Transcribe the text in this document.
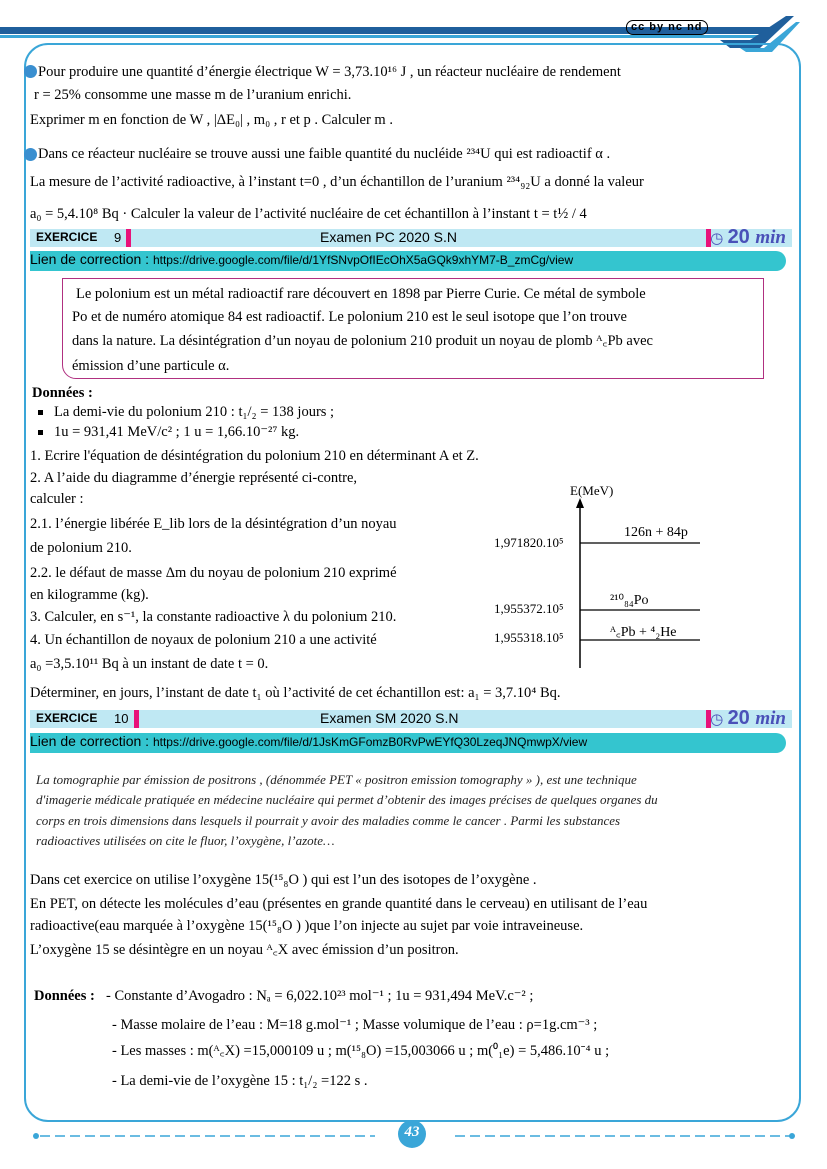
cc by nc nd
Pour produire une quantité d’énergie électrique W = 3,73.10¹⁶ J , un réacteur nucléaire de rendement
r = 25% consomme une masse m de l’uranium enrichi.
Exprimer m en fonction de W , |ΔE₀| , m₀ , r et p . Calculer m .
Dans ce réacteur nucléaire se trouve aussi une faible quantité du nucléide ²³⁴U qui est radioactif α .
La mesure de l’activité radioactive, à l’instant t=0 , d’un échantillon de l’uranium ²³⁴₉₂U a donné la valeur
a₀ = 5,4.10⁸ Bq · Calculer la valeur de l’activité nucléaire de cet échantillon à l’instant t = t½ / 4
EXERCICE 9	Examen PC 2020 S.N	◷ 20 min
Lien de correction : https://drive.google.com/file/d/1YfSNvpOfIEcOhX5aGQk9xhYM7-B_zmCg/view
Le polonium est un métal radioactif rare découvert en 1898 par Pierre Curie. Ce métal de symbole
Po et de numéro atomique 84 est radioactif. Le polonium 210 est le seul isotope que l’on trouve
dans la nature. La désintégration d’un noyau de polonium 210 produit un noyau de plomb ᴬ꜀Pb avec
émission d’une particule α.
Données :
La demi-vie du polonium 210 : t₁/₂ = 138 jours ;
1u = 931,41 MeV/c² ; 1 u = 1,66.10⁻²⁷ kg.
1. Ecrire l'équation de désintégration du polonium 210 en déterminant A et Z.
2. A l’aide du diagramme d’énergie représenté ci-contre,
calculer :
2.1. l’énergie libérée E_lib lors de la désintégration d’un noyau
de polonium 210.
2.2. le défaut de masse Δm du noyau de polonium 210 exprimé
en kilogramme (kg).
3. Calculer, en s⁻¹, la constante radioactive λ du polonium 210.
4. Un échantillon de noyaux de polonium 210 a une activité
a₀ =3,5.10¹¹ Bq à un instant de date t = 0.
Déterminer, en jours, l’instant de date t₁ où l’activité de cet échantillon est: a₁ = 3,7.10⁴ Bq.
E(MeV)
1,971820.10⁵
126n + 84p
1,955372.10⁵
²¹⁰₈₄Po
1,955318.10⁵	ᴬ꜀Pb + ⁴₂He
EXERCICE 10	Examen SM 2020 S.N	◷ 20 min
Lien de correction : https://drive.google.com/file/d/1JsKmGFomzB0RvPwEYfQ30LzeqJNQmwpX/view
La tomographie par émission de positrons , (dénommée PET « positron emission tomography » ), est une technique
d'imagerie médicale pratiquée en médecine nucléaire qui permet d’obtenir des images précises de quelques organes du
corps en trois dimensions dans lesquels il pourrait y avoir des maladies comme le cancer . Parmi les substances
radioactives utilisées on cite le fluor, l’oxygène, l’azote…
Dans cet exercice on utilise l’oxygène 15(¹⁵₈O ) qui est l’un des isotopes de l’oxygène .
En PET, on détecte les molécules d’eau (présentes en grande quantité dans le cerveau) en utilisant de l’eau
radioactive(eau marquée à l’oxygène 15(¹⁵₈O ) )que l’on injecte au sujet par voie intraveineuse.
L’oxygène 15 se désintègre en un noyau ᴬ꜀X avec émission d’un positron.
Données : - Constante d’Avogadro : Nₐ = 6,022.10²³ mol⁻¹ ; 1u = 931,494 MeV.c⁻² ;
- Masse molaire de l’eau : M=18 g.mol⁻¹ ; Masse volumique de l’eau : ρ=1g.cm⁻³ ;
- Les masses : m(ᴬ꜀X) =15,000109 u ; m(¹⁵₈O) =15,003066 u ; m(⁰₁e) = 5,486.10⁻⁴ u ;
- La demi-vie de l’oxygène 15 : t₁/₂ =122 s .
43
